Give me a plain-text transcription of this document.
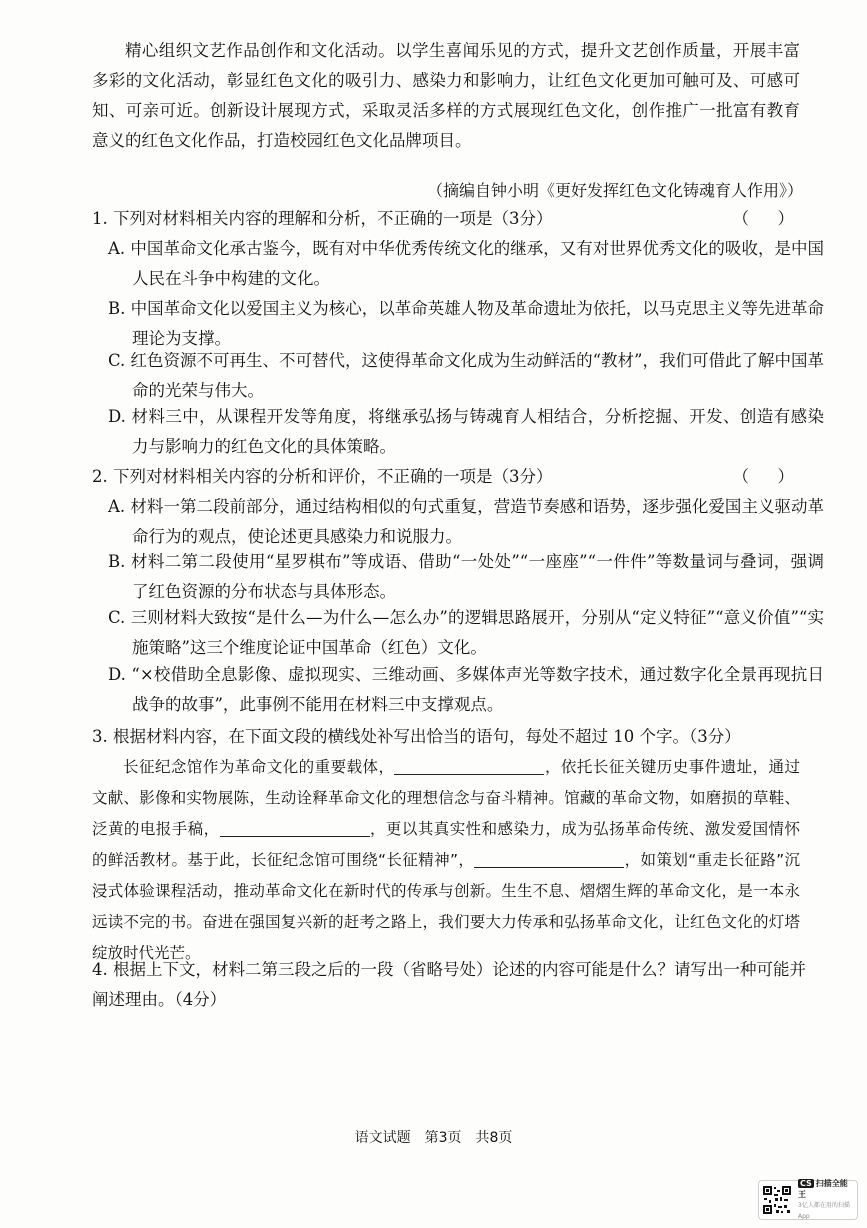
精心组织文艺作品创作和文化活动。以学生喜闻乐见的方式，提升文艺创作质量，开展丰富多彩的文化活动，彰显红色文化的吸引力、感染力和影响力，让红色文化更加可触可及、可感可知、可亲可近。创新设计展现方式，采取灵活多样的方式展现红色文化，创作推广一批富有教育意义的红色文化作品，打造校园红色文化品牌项目。

（摘编自钟小明《更好发挥红色文化铸魂育人作用》）
1. 下列对材料相关内容的理解和分析，不正确的一项是（3分）	（　）

A. 中国革命文化承古鉴今，既有对中华优秀传统文化的继承，又有对世界优秀文化的吸收，是中国人民在斗争中构建的文化。

B. 中国革命文化以爱国主义为核心，以革命英雄人物及革命遗址为依托，以马克思主义等先进革命理论为支撑。

C. 红色资源不可再生、不可替代，这使得革命文化成为生动鲜活的“教材”，我们可借此了解中国革命的光荣与伟大。

D. 材料三中，从课程开发等角度，将继承弘扬与铸魂育人相结合，分析挖掘、开发、创造有感染力与影响力的红色文化的具体策略。

2. 下列对材料相关内容的分析和评价，不正确的一项是（3分）	（　）

A. 材料一第二段前部分，通过结构相似的句式重复，营造节奏感和语势，逐步强化爱国主义驱动革命行为的观点，使论述更具感染力和说服力。

B. 材料二第二段使用“星罗棋布”等成语、借助“一处处”“一座座”“一件件”等数量词与叠词，强调了红色资源的分布状态与具体形态。

C. 三则材料大致按“是什么—为什么—怎么办”的逻辑思路展开，分别从“定义特征”“意义价值”“实施策略”这三个维度论证中国革命（红色）文化。

D. “×校借助全息影像、虚拟现实、三维动画、多媒体声光等数字技术，通过数字化全景再现抗日战争的故事”，此事例不能用在材料三中支撑观点。

3. 根据材料内容，在下面文段的横线处补写出恰当的语句，每处不超过 10 个字。（3分）

长征纪念馆作为革命文化的重要载体，	，依托长征关键历史事件遗址，通过文献、影像和实物展陈，生动诠释革命文化的理想信念与奋斗精神。馆藏的革命文物，如磨损的草鞋、泛黄的电报手稿，	，更以其真实性和感染力，成为弘扬革命传统、激发爱国情怀的鲜活教材。基于此，长征纪念馆可围绕“长征精神”，	，如策划“重走长征路”沉浸式体验课程活动，推动革命文化在新时代的传承与创新。生生不息、熠熠生辉的革命文化，是一本永远读不完的书。奋进在强国复兴新的赶考之路上，我们要大力传承和弘扬革命文化，让红色文化的灯塔绽放时代光芒。

4. 根据上下文，材料二第三段之后的一段（省略号处）论述的内容可能是什么？请写出一种可能并阐述理由。（4分）

语文试题　第3页　共8页
CS 扫描全能王
3亿人都在用的扫描App
